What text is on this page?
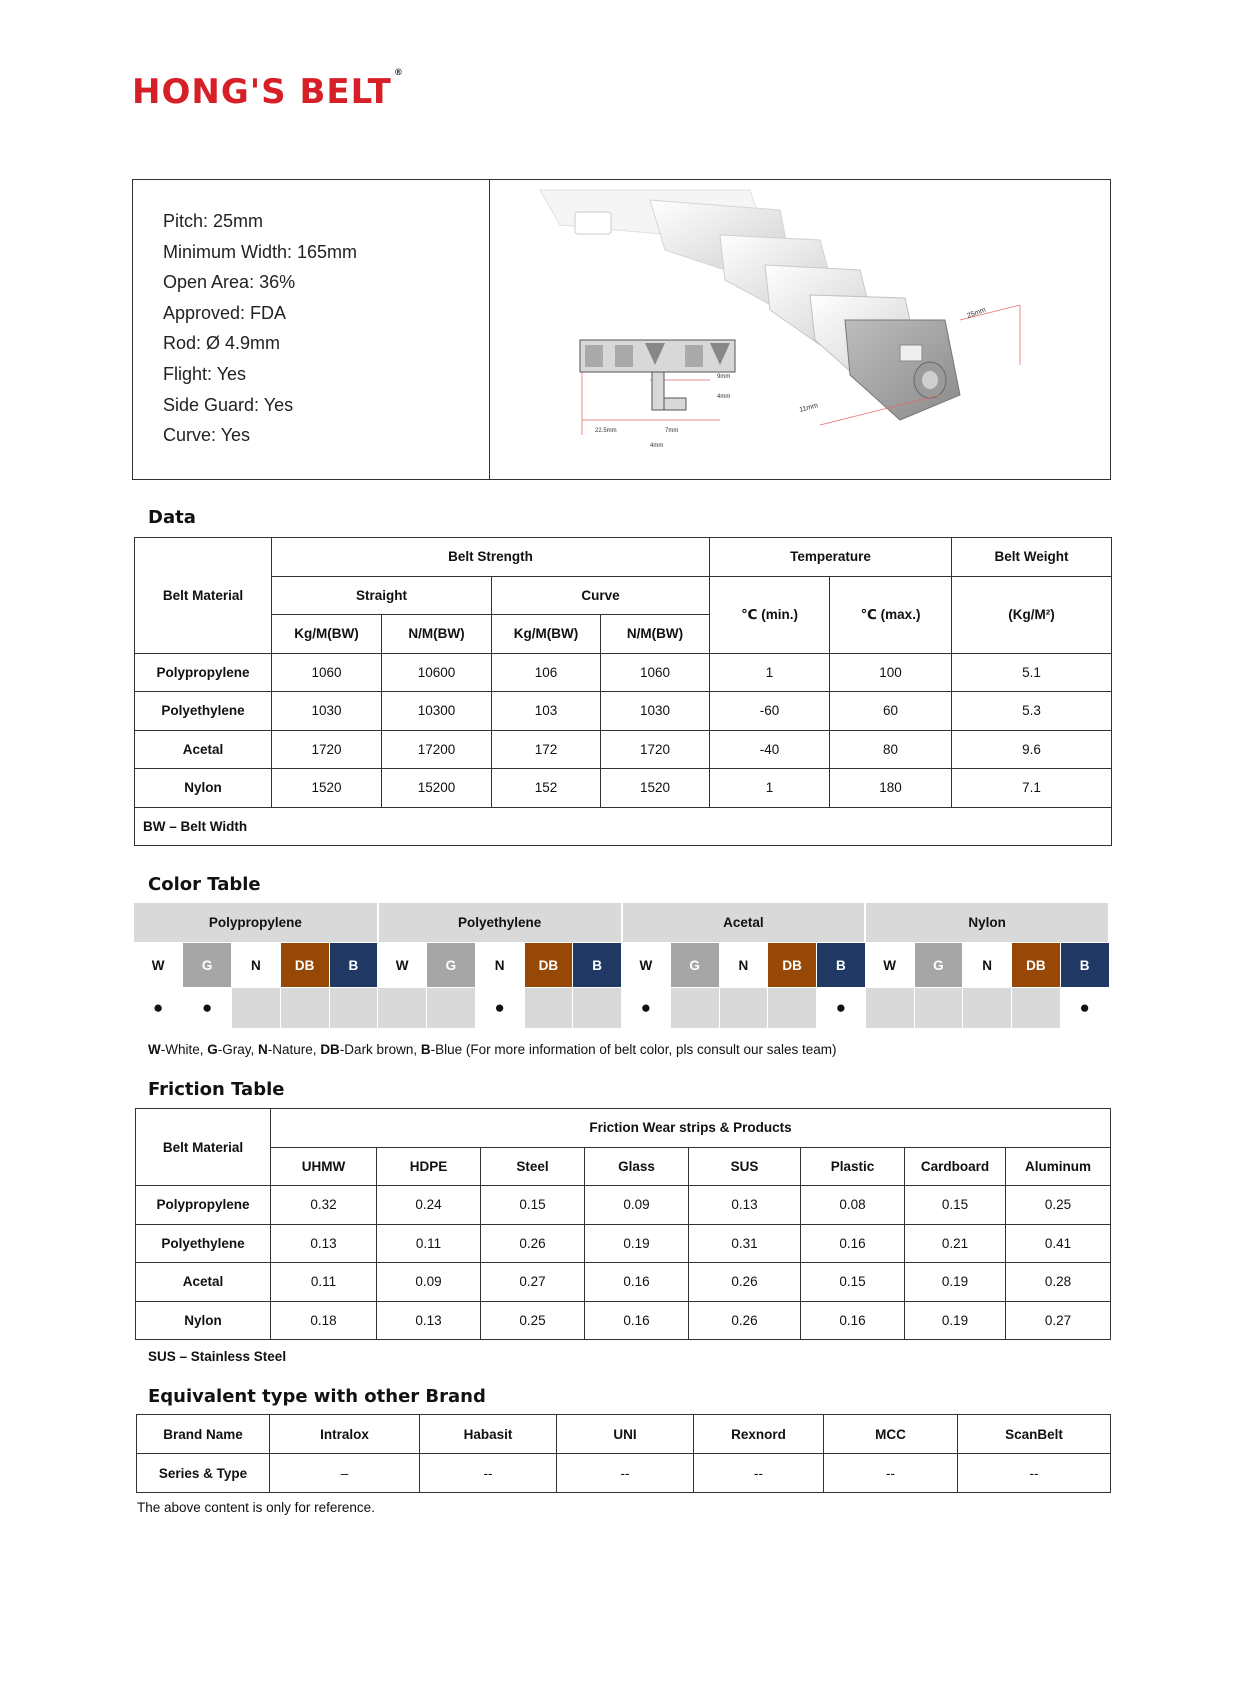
HONG'S BELT ®
Pitch: 25mm
Minimum Width: 165mm
Open Area: 36%
Approved: FDA
Rod: Ø 4.9mm
Flight: Yes
Side Guard: Yes
Curve: Yes
25mm
11mm
9mm
4mm
22.5mm	7mm
4mm
Data
Belt Material	Belt Strength				Temperature		Belt Weight
	Straight		Curve		℃ (min.)	℃ (max.)	(Kg/M²)
	Kg/M(BW)	N/M(BW)	Kg/M(BW)	N/M(BW)			
Polypropylene	1060	10600	106	1060	1	100	5.1
Polyethylene	1030	10300	103	1030	-60	60	5.3
Acetal	1720	17200	172	1720	-40	80	9.6
Nylon	1520	15200	152	1520	1	180	7.1
BW – Belt Width							
Color Table
Polypropylene					Polyethylene					Acetal					Nylon				
W	G	N	DB	B	W	G	N	DB	B	W	G	N	DB	B	W	G	N	DB	B
●	●						●			●				●					●
W-White, G-Gray, N-Nature, DB-Dark brown, B-Blue (For more information of belt color, pls consult our sales team)
Friction Table
Belt Material	Friction Wear strips & Products							
	UHMW	HDPE	Steel	Glass	SUS	Plastic	Cardboard	Aluminum
Polypropylene	0.32	0.24	0.15	0.09	0.13	0.08	0.15	0.25
Polyethylene	0.13	0.11	0.26	0.19	0.31	0.16	0.21	0.41
Acetal	0.11	0.09	0.27	0.16	0.26	0.15	0.19	0.28
Nylon	0.18	0.13	0.25	0.16	0.26	0.16	0.19	0.27
SUS – Stainless Steel
Equivalent type with other Brand
Brand Name	Intralox	Habasit	UNI	Rexnord	MCC	ScanBelt
Series & Type	–	--	--	--	--	--
The above content is only for reference.
